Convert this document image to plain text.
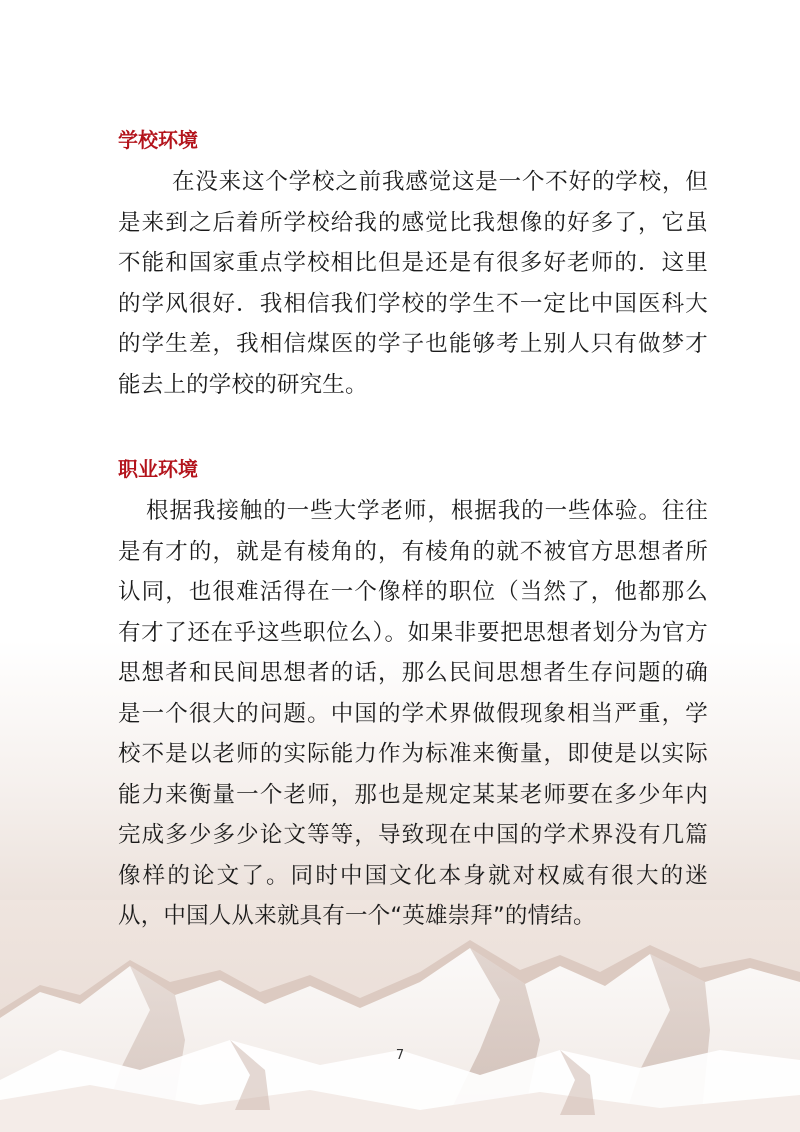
学校环境

在没来这个学校之前我感觉这是一个不好的学校，但是来到之后着所学校给我的感觉比我想像的好多了，它虽不能和国家重点学校相比但是还是有很多好老师的．这里的学风很好．我相信我们学校的学生不一定比中国医科大的学生差，我相信煤医的学子也能够考上别人只有做梦才能去上的学校的研究生。

职业环境

根据我接触的一些大学老师，根据我的一些体验。往往是有才的，就是有棱角的，有棱角的就不被官方思想者所认同，也很难活得在一个像样的职位（当然了，他都那么有才了还在乎这些职位么）。如果非要把思想者划分为官方思想者和民间思想者的话，那么民间思想者生存问题的确是一个很大的问题。中国的学术界做假现象相当严重，学校不是以老师的实际能力作为标准来衡量，即使是以实际能力来衡量一个老师，那也是规定某某老师要在多少年内完成多少多少论文等等，导致现在中国的学术界没有几篇像样的论文了。同时中国文化本身就对权威有很大的迷从，中国人从来就具有一个“英雄崇拜”的情结。

7
